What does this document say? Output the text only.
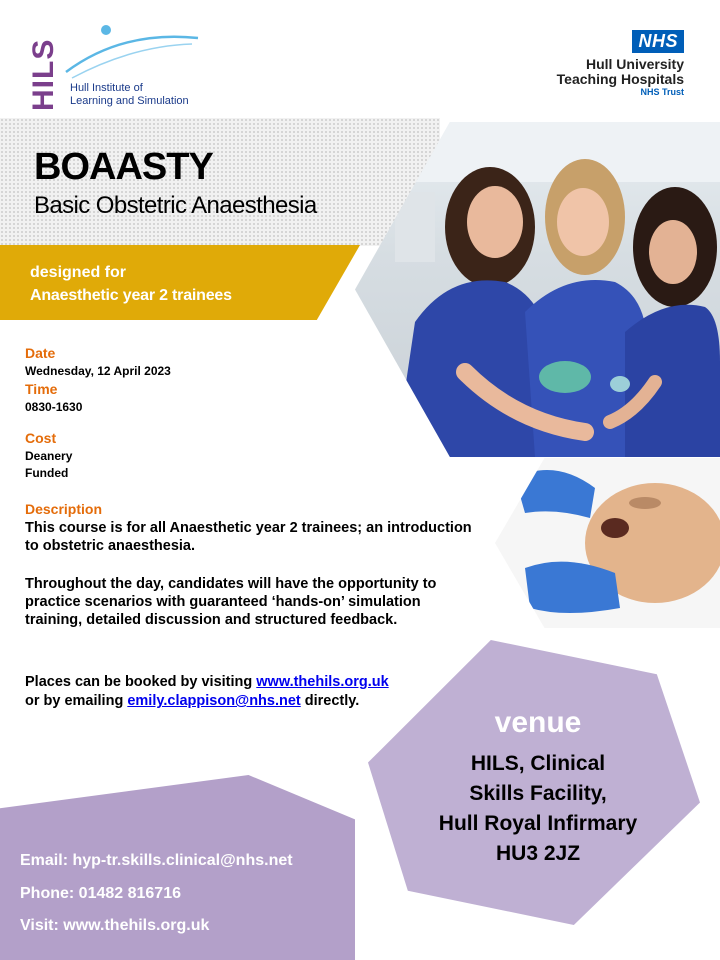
HILS Hull Institute of
Learning and Simulation
NHS
Hull University
Teaching Hospitals
NHS Trust
BOAASTY
Basic Obstetric Anaesthesia
designed for
Anaesthetic year 2 trainees
Date
Wednesday, 12 April 2023
Time
0830-1630
Cost
Deanery
Funded
Description
This course is for all Anaesthetic year 2 trainees; an introduction to obstetric anaesthesia.
Throughout the day, candidates will have the opportunity to practice scenarios with guaranteed ‘hands-on’ simulation training, detailed discussion and structured feedback.
Places can be booked by visiting www.thehils.org.uk
or by emailing emily.clappison@nhs.net directly.
venue
HILS, Clinical
Skills Facility,
Hull Royal Infirmary
HU3 2JZ
Email: hyp-tr.skills.clinical@nhs.net
Phone: 01482 816716
Visit: www.thehils.org.uk
